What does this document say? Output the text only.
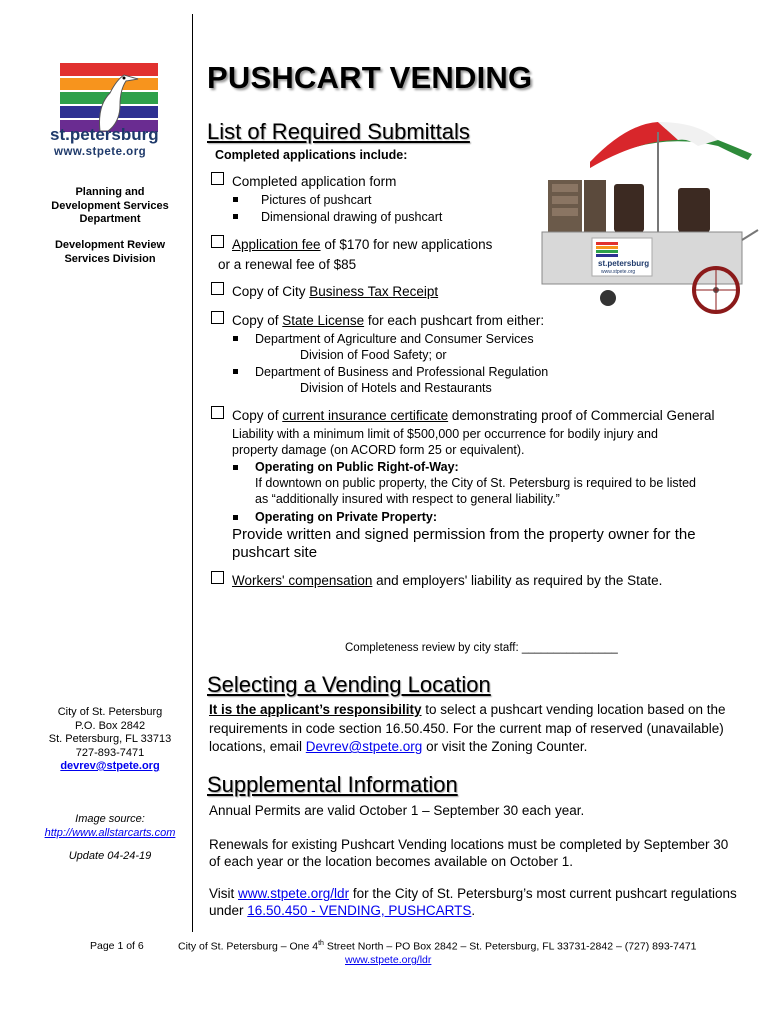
st.petersburg
www.stpete.org
Planning and
Development Services
Department
Development Review
Services Division
City of St. Petersburg
P.O. Box 2842
St. Petersburg, FL 33713
727-893-7471
devrev@stpete.org
Image source:
http://www.allstarcarts.com
Update 04-24-19
PUSHCART VENDING
List of Required Submittals
Completed applications include:
Completed application form
Pictures of pushcart
Dimensional drawing of pushcart
Application fee of $170 for new applications
or a renewal fee of $85
Copy of City Business Tax Receipt
Copy of State License for each pushcart from either:
Department of Agriculture and Consumer Services
Division of Food Safety; or
Department of Business and Professional Regulation
Division of Hotels and Restaurants
Copy of current insurance certificate demonstrating proof of Commercial General
Liability with a minimum limit of $500,000 per occurrence for bodily injury and
property damage (on ACORD form 25 or equivalent).
Operating on Public Right-of-Way:
If downtown on public property, the City of St. Petersburg is required to be listed
as “additionally insured with respect to general liability.”
Operating on Private Property:
Provide written and signed permission from the property owner for the
pushcart site
Workers' compensation and employers' liability as required by the State.
Completeness review by city staff: _______________
Selecting a Vending Location
It is the applicant’s responsibility to select a pushcart vending location based on the
requirements in code section 16.50.450. For the current map of reserved (unavailable)
locations, email Devrev@stpete.org or visit the Zoning Counter.
Supplemental Information
Annual Permits are valid October 1 – September 30 each year.
Renewals for existing Pushcart Vending locations must be completed by September 30
of each year or the location becomes available on October 1.
Visit www.stpete.org/ldr for the City of St. Petersburg’s most current pushcart regulations
under 16.50.450 - VENDING, PUSHCARTS.
st.petersburg
www.stpete.org
Page 1 of 6	City of St. Petersburg – One 4th Street North – PO Box 2842 – St. Petersburg, FL 33731-2842 – (727) 893-7471
www.stpete.org/ldr
